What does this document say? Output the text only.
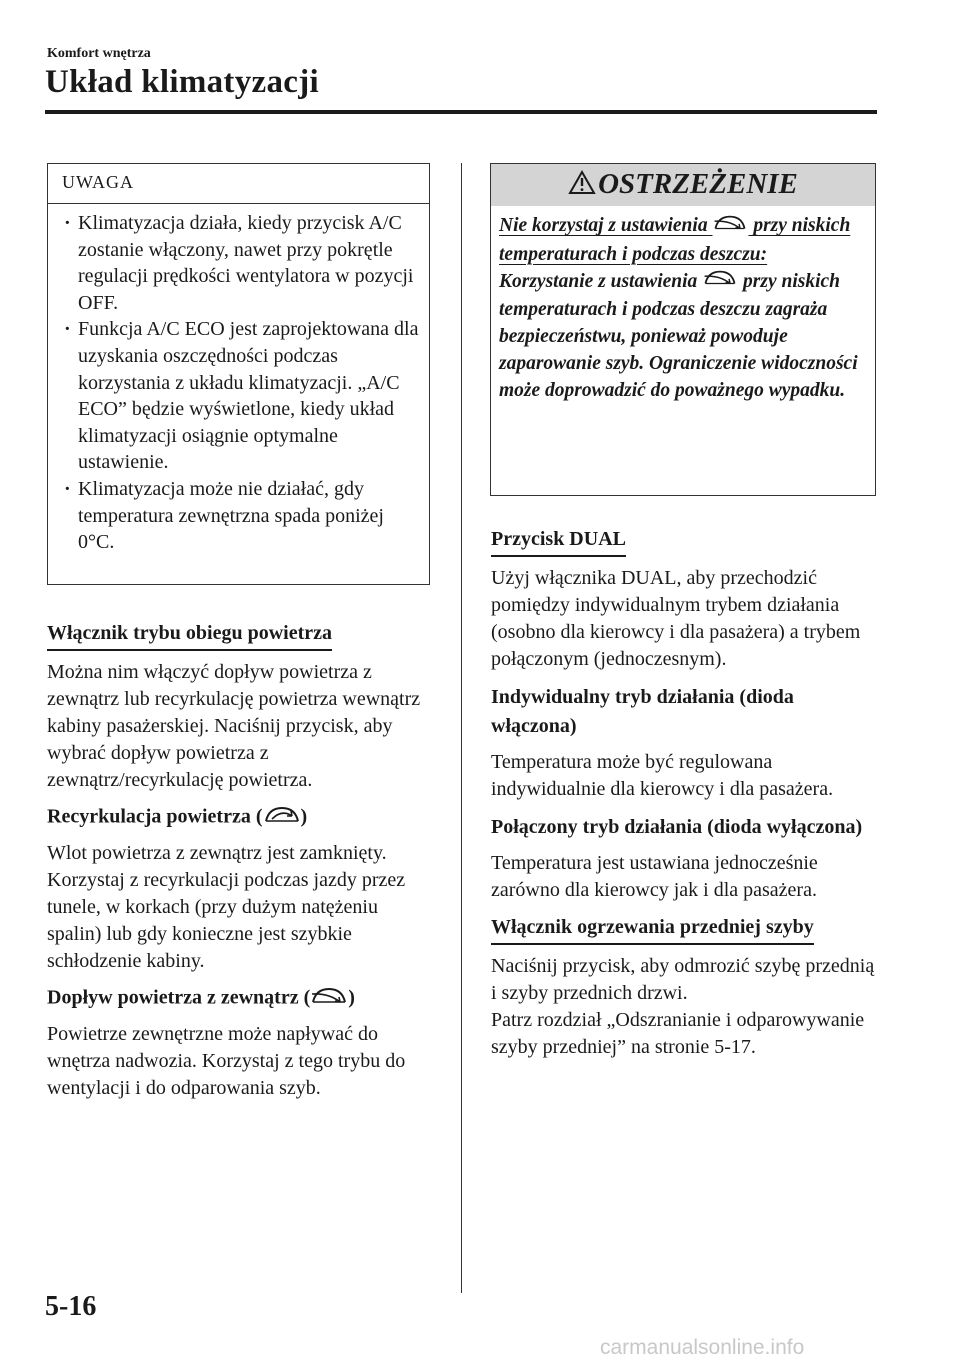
Komfort wnętrza
Układ klimatyzacji
UWAGA
· Klimatyzacja działa, kiedy przycisk A/C zostanie włączony, nawet przy pokrętle regulacji prędkości wentylatora w pozycji OFF.
· Funkcja A/C ECO jest zaprojektowana dla uzyskania oszczędności podczas korzystania z układu klimatyzacji. „A/C ECO” będzie wyświetlone, kiedy układ klimatyzacji osiągnie optymalne ustawienie.
· Klimatyzacja może nie działać, gdy temperatura zewnętrzna spada poniżej 0°C.
Włącznik trybu obiegu powietrza

Można nim włączyć dopływ powietrza z zewnątrz lub recyrkulację powietrza wewnątrz kabiny pasażerskiej. Naciśnij przycisk, aby wybrać dopływ powietrza z zewnątrz/recyrkulację powietrza.

Recyrkulacja powietrza ( )

Wlot powietrza z zewnątrz jest zamknięty. Korzystaj z recyrkulacji podczas jazdy przez tunele, w korkach (przy dużym natężeniu spalin) lub gdy konieczne jest szybkie schłodzenie kabiny.

Dopływ powietrza z zewnątrz ( )

Powietrze zewnętrzne może napływać do wnętrza nadwozia. Korzystaj z tego trybu do wentylacji i do odparowania szyb.

OSTRZEŻENIE

Nie korzystaj z ustawienia przy niskich temperaturach i podczas deszczu:

Korzystanie z ustawienia przy niskich temperaturach i podczas deszczu zagraża bezpieczeństwu, ponieważ powoduje zaparowanie szyb. Ograniczenie widoczności może doprowadzić do poważnego wypadku.

Przycisk DUAL

Użyj włącznika DUAL, aby przechodzić pomiędzy indywidualnym trybem działania (osobno dla kierowcy i dla pasażera) a trybem połączonym (jednoczesnym).

Indywidualny tryb działania (dioda włączona)

Temperatura może być regulowana indywidualnie dla kierowcy i dla pasażera.

Połączony tryb działania (dioda wyłączona)

Temperatura jest ustawiana jednocześnie zarówno dla kierowcy jak i dla pasażera.

Włącznik ogrzewania przedniej szyby

Naciśnij przycisk, aby odmrozić szybę przednią i szyby przednich drzwi.

Patrz rozdział „Odszranianie i odparowywanie szyby przedniej” na stronie 5-17.

5-16
carmanualsonline.info
